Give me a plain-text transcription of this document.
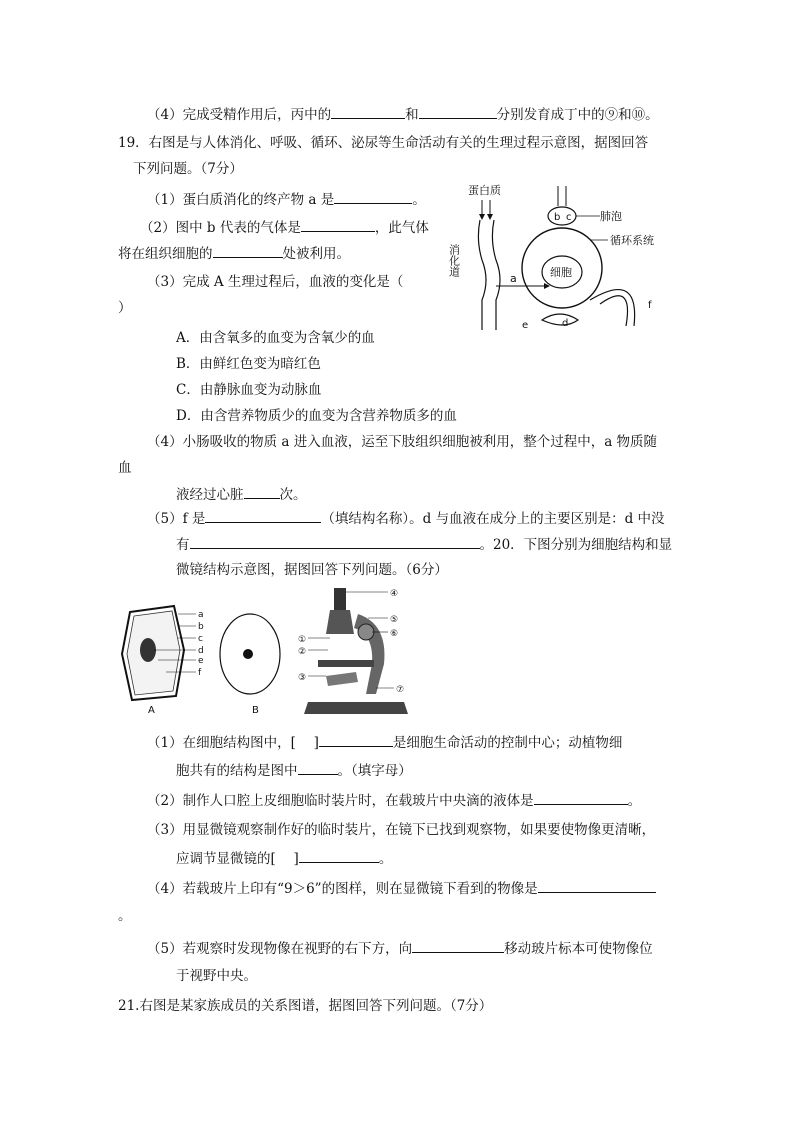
（4）完成受精作用后，丙中的	和	分别发育成丁中的⑨和⑩。
19．右图是与人体消化、呼吸、循环、泌尿等生命活动有关的生理过程示意图，据图回答
下列问题。（7分）
（1）蛋白质消化的终产物 a 是	。
（2）图中 b 代表的气体是	，此气体
将在组织细胞的	处被利用。
（3）完成 A 生理过程后，血液的变化是（
）
A．由含氧多的血变为含氧少的血
B．由鲜红色变为暗红色
C．由静脉血变为动脉血
D．由含营养物质少的血变为含营养物质多的血
（4）小肠吸收的物质 a 进入血液，运至下肢组织细胞被利用，整个过程中，a 物质随
血
液经过心脏	次。
（5）f 是	（填结构名称）。d 与血液在成分上的主要区别是：d 中没
有	。20．下图分别为细胞结构和显
微镜结构示意图，据图回答下列问题。（6分）
蛋白质
消化道
a
b c	肺泡
细胞
循环系统
e	d
f
A	B
a
b
c
d
e
f
④
⑤
⑥
①
②
③
⑦
（1）在细胞结构图中，[　 ]	是细胞生命活动的控制中心；动植物细
胞共有的结构是图中	。（填字母）
（2）制作人口腔上皮细胞临时装片时，在载玻片中央滴的液体是	。
（3）用显微镜观察制作好的临时装片，在镜下已找到观察物，如果要使物像更清晰，
应调节显微镜的[　 ]	。
（4）若载玻片上印有“9＞6”的图样，则在显微镜下看到的物像是
。
（5）若观察时发现物像在视野的右下方，向	移动玻片标本可使物像位
于视野中央。
21.右图是某家族成员的关系图谱，据图回答下列问题。（7分）
